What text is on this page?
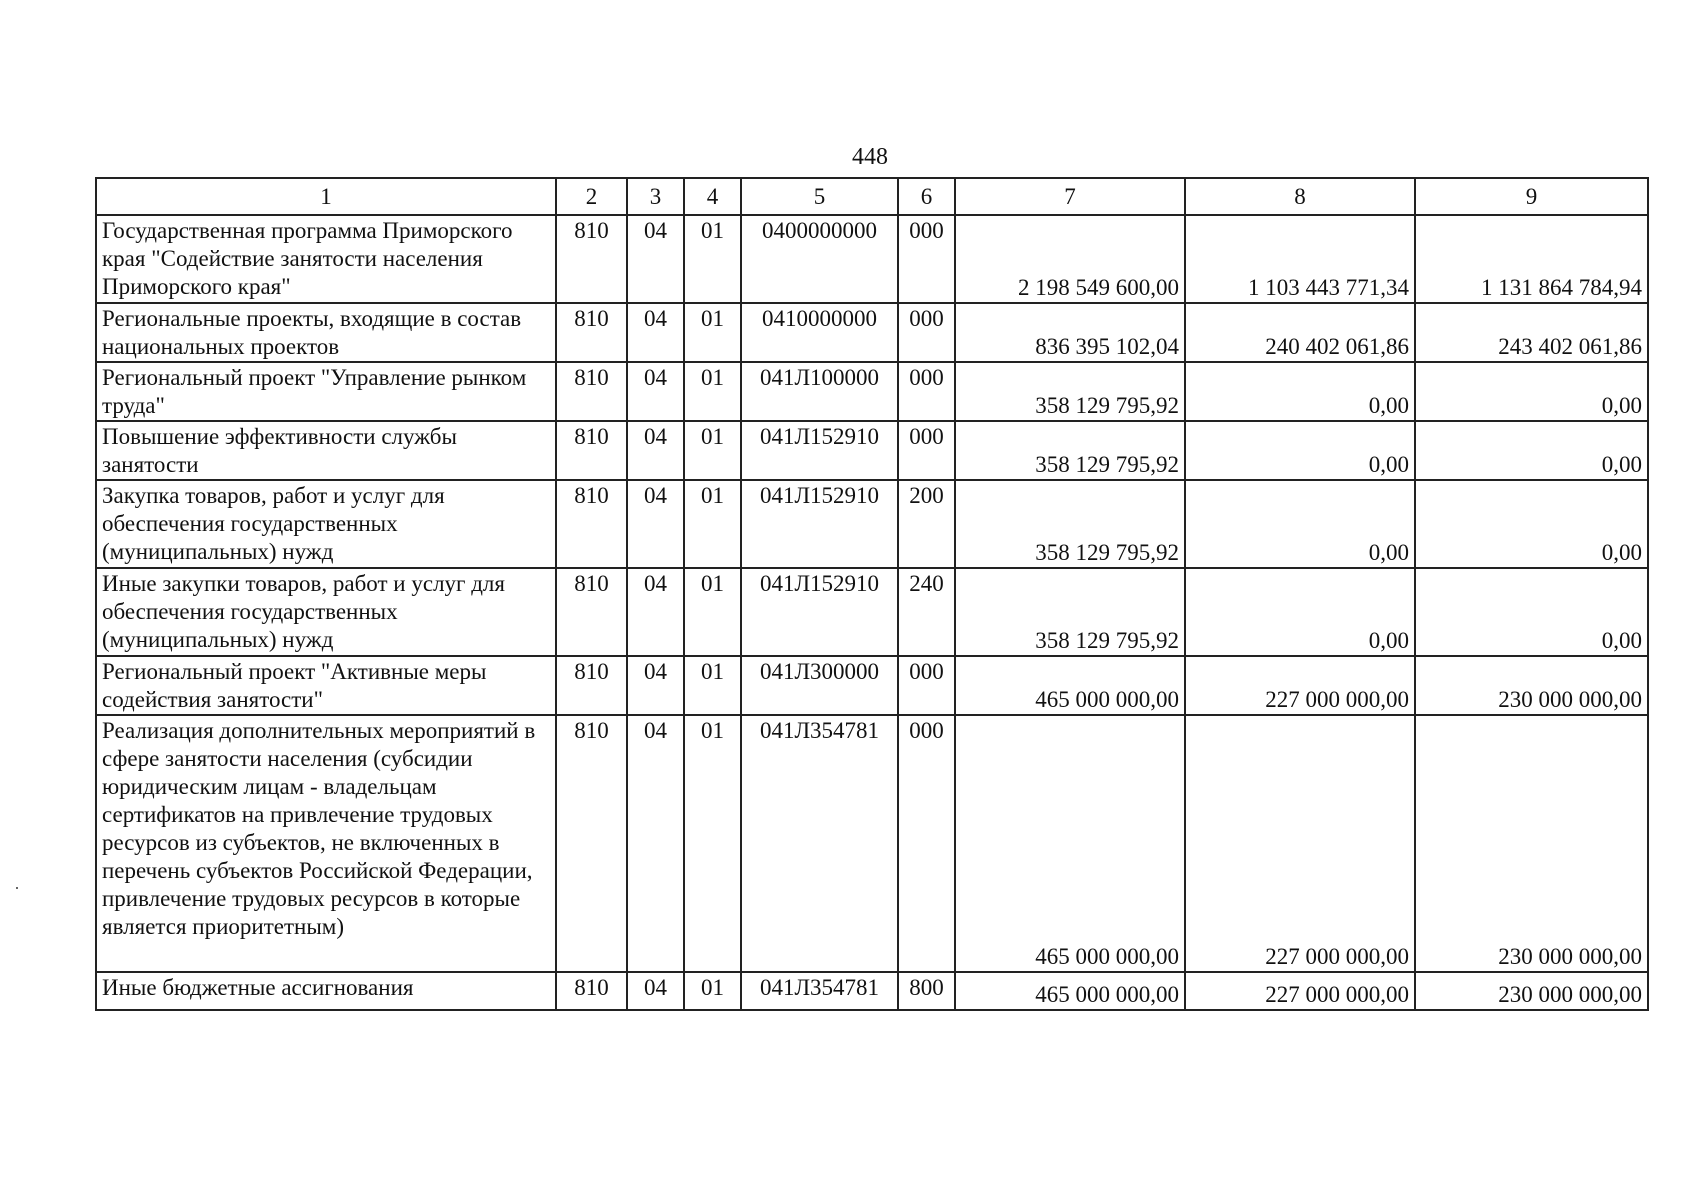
448
1	2	3	4	5	6	7	8	9
Государственная программа Приморского края "Содействие занятости населения Приморского края"	810	04	01	0400000000	000	2 198 549 600,00	1 103 443 771,34	1 131 864 784,94
Региональные проекты, входящие в состав национальных проектов	810	04	01	0410000000	000	836 395 102,04	240 402 061,86	243 402 061,86
Региональный проект "Управление рынком труда"	810	04	01	041Л100000	000	358 129 795,92	0,00	0,00
Повышение эффективности службы занятости	810	04	01	041Л152910	000	358 129 795,92	0,00	0,00
Закупка товаров, работ и услуг для обеспечения государственных (муниципальных) нужд	810	04	01	041Л152910	200	358 129 795,92	0,00	0,00
Иные закупки товаров, работ и услуг для обеспечения государственных (муниципальных) нужд	810	04	01	041Л152910	240	358 129 795,92	0,00	0,00
Региональный проект "Активные меры содействия занятости"	810	04	01	041Л300000	000	465 000 000,00	227 000 000,00	230 000 000,00
Реализация дополнительных мероприятий в сфере занятости населения (субсидии юридическим лицам - владельцам сертификатов на привлечение трудовых ресурсов из субъектов, не включенных в перечень субъектов Российской Федерации, привлечение трудовых ресурсов в которые является приоритетным)	810	04	01	041Л354781	000	465 000 000,00	227 000 000,00	230 000 000,00
Иные бюджетные ассигнования	810	04	01	041Л354781	800	465 000 000,00	227 000 000,00	230 000 000,00
